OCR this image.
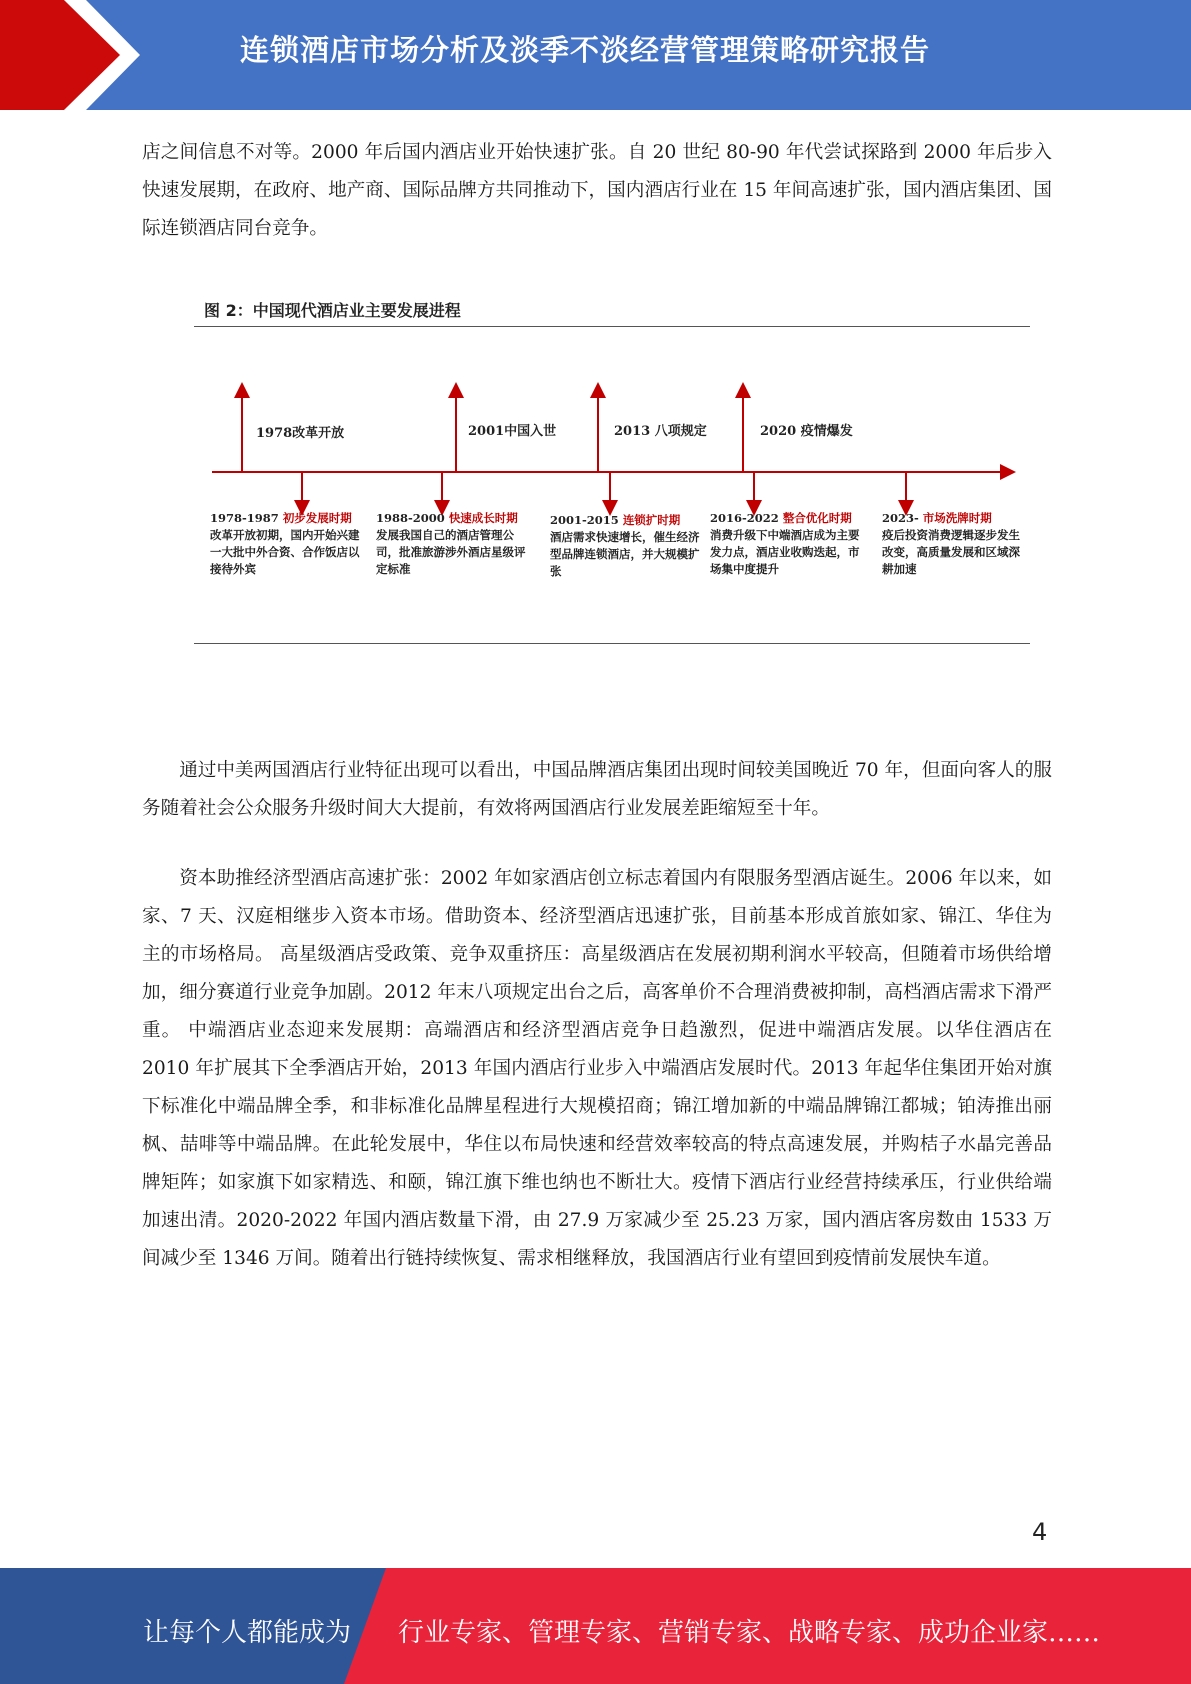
连锁酒店市场分析及淡季不淡经营管理策略研究报告

店之间信息不对等。2000 年后国内酒店业开始快速扩张。自 20 世纪 80-90 年代尝试探路到 2000 年后步入快速发展期，在政府、地产商、国际品牌方共同推动下，国内酒店行业在 15 年间高速扩张，国内酒店集团、国际连锁酒店同台竞争。

图 2：中国现代酒店业主要发展进程
1978改革开放	2001中国入世	2013 八项规定	2020 疫情爆发
1978-1987 初步发展时期
改革开放初期，国内开始兴建一大批中外合资、合作饭店以接待外宾
1988-2000 快速成长时期
发展我国自己的酒店管理公司，批准旅游涉外酒店星级评定标准
2001-2015 连锁扩时期
酒店需求快速增长，催生经济型品牌连锁酒店，并大规模扩张
2016-2022 整合优化时期
消费升级下中端酒店成为主要发力点，酒店业收购迭起，市场集中度提升
2023- 市场洗牌时期
疫后投资消费逻辑逐步发生改变，高质量发展和区域深耕加速

通过中美两国酒店行业特征出现可以看出，中国品牌酒店集团出现时间较美国晚近 70 年，但面向客人的服务随着社会公众服务升级时间大大提前，有效将两国酒店行业发展差距缩短至十年。

资本助推经济型酒店高速扩张：2002 年如家酒店创立标志着国内有限服务型酒店诞生。2006 年以来，如家、7 天、汉庭相继步入资本市场。借助资本、经济型酒店迅速扩张，目前基本形成首旅如家、锦江、华住为主的市场格局。 高星级酒店受政策、竞争双重挤压：高星级酒店在发展初期利润水平较高，但随着市场供给增加，细分赛道行业竞争加剧。2012 年末八项规定出台之后，高客单价不合理消费被抑制，高档酒店需求下滑严重。 中端酒店业态迎来发展期：高端酒店和经济型酒店竞争日趋激烈，促进中端酒店发展。以华住酒店在 2010 年扩展其下全季酒店开始，2013 年国内酒店行业步入中端酒店发展时代。2013 年起华住集团开始对旗下标准化中端品牌全季，和非标准化品牌星程进行大规模招商；锦江增加新的中端品牌锦江都城；铂涛推出丽枫、喆啡等中端品牌。在此轮发展中，华住以布局快速和经营效率较高的特点高速发展，并购桔子水晶完善品牌矩阵；如家旗下如家精选、和颐，锦江旗下维也纳也不断壮大。疫情下酒店行业经营持续承压，行业供给端加速出清。2020-2022 年国内酒店数量下滑，由 27.9 万家减少至 25.23 万家，国内酒店客房数由 1533 万间减少至 1346 万间。随着出行链持续恢复、需求相继释放，我国酒店行业有望回到疫情前发展快车道。

4
让每个人都能成为 行业专家、管理专家、营销专家、战略专家、成功企业家……
